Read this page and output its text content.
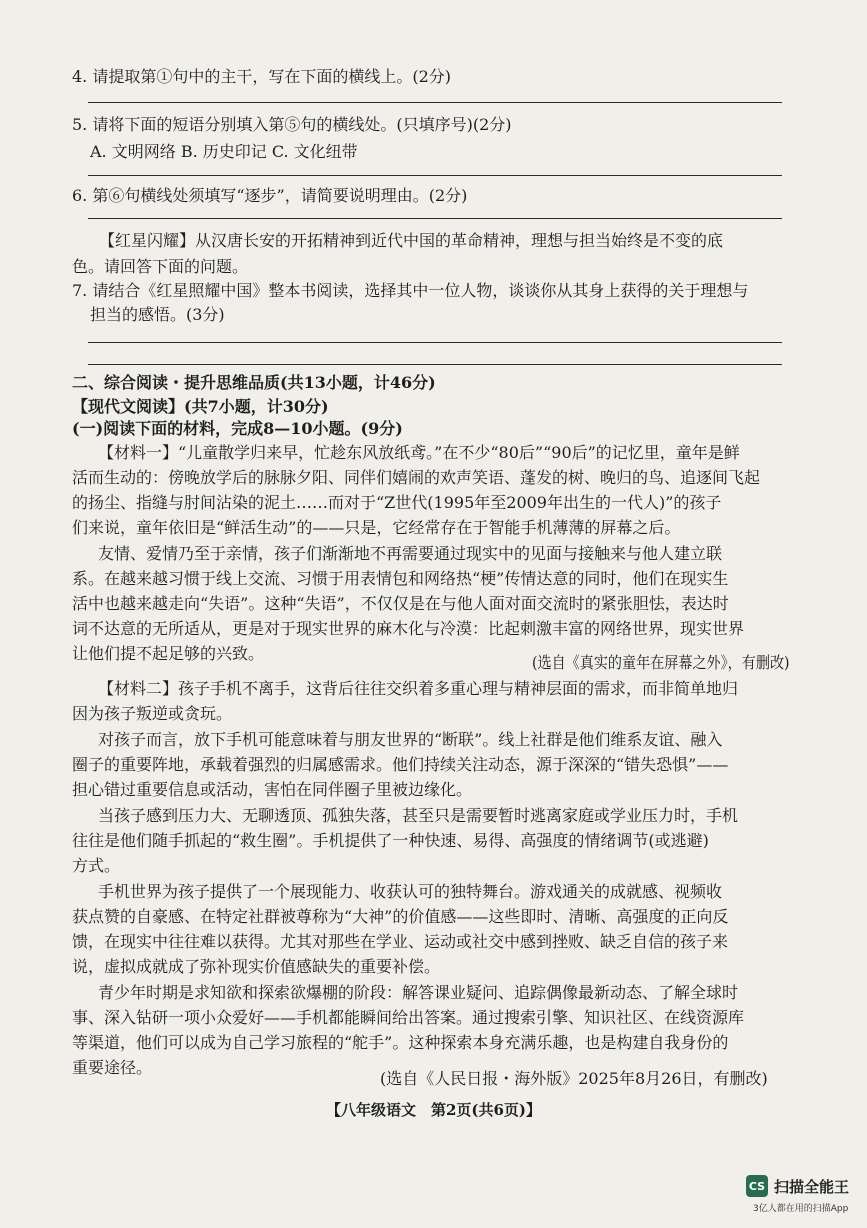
4. 请提取第①句中的主干，写在下面的横线上。(2分)
5. 请将下面的短语分别填入第⑤句的横线处。(只填序号)(2分)
A. 文明网络 B. 历史印记 C. 文化纽带
6. 第⑥句横线处须填写“逐步”，请简要说明理由。(2分)
【红星闪耀】从汉唐长安的开拓精神到近代中国的革命精神，理想与担当始终是不变的底
色。请回答下面的问题。
7. 请结合《红星照耀中国》整本书阅读，选择其中一位人物，谈谈你从其身上获得的关于理想与
担当的感悟。(3分)
二、综合阅读・提升思维品质(共13小题，计46分)
【现代文阅读】(共7小题，计30分)
(一)阅读下面的材料，完成8—10小题。(9分)
【材料一】“儿童散学归来早，忙趁东风放纸鸢。”在不少“80后”“90后”的记忆里，童年是鲜
活而生动的：傍晚放学后的脉脉夕阳、同伴们嬉闹的欢声笑语、蓬发的树、晚归的鸟、追逐间飞起
的扬尘、指缝与肘间沾染的泥土……而对于“Z世代(1995年至2009年出生的一代人)”的孩子
们来说，童年依旧是“鲜活生动”的——只是，它经常存在于智能手机薄薄的屏幕之后。
友情、爱情乃至于亲情，孩子们渐渐地不再需要通过现实中的见面与接触来与他人建立联
系。在越来越习惯于线上交流、习惯于用表情包和网络热“梗”传情达意的同时，他们在现实生
活中也越来越走向“失语”。这种“失语”，不仅仅是在与他人面对面交流时的紧张胆怯，表达时
词不达意的无所适从，更是对于现实世界的麻木化与冷漠：比起刺激丰富的网络世界，现实世界
让他们提不起足够的兴致。	(选自《真实的童年在屏幕之外》，有删改)
【材料二】孩子手机不离手，这背后往往交织着多重心理与精神层面的需求，而非简单地归
因为孩子叛逆或贪玩。
对孩子而言，放下手机可能意味着与朋友世界的“断联”。线上社群是他们维系友谊、融入
圈子的重要阵地，承载着强烈的归属感需求。他们持续关注动态，源于深深的“错失恐惧”——
担心错过重要信息或活动，害怕在同伴圈子里被边缘化。
当孩子感到压力大、无聊透顶、孤独失落，甚至只是需要暂时逃离家庭或学业压力时，手机
往往是他们随手抓起的“救生圈”。手机提供了一种快速、易得、高强度的情绪调节(或逃避)
方式。
手机世界为孩子提供了一个展现能力、收获认可的独特舞台。游戏通关的成就感、视频收
获点赞的自豪感、在特定社群被尊称为“大神”的价值感——这些即时、清晰、高强度的正向反
馈，在现实中往往难以获得。尤其对那些在学业、运动或社交中感到挫败、缺乏自信的孩子来
说，虚拟成就成了弥补现实价值感缺失的重要补偿。
青少年时期是求知欲和探索欲爆棚的阶段：解答课业疑问、追踪偶像最新动态、了解全球时
事、深入钻研一项小众爱好——手机都能瞬间给出答案。通过搜索引擎、知识社区、在线资源库
等渠道，他们可以成为自己学习旅程的“舵手”。这种探索本身充满乐趣，也是构建自我身份的
重要途径。
(选自《人民日报・海外版》2025年8月26日，有删改)
【八年级语文　第2页(共6页)】
CS 扫描全能王
3亿人都在用的扫描App
